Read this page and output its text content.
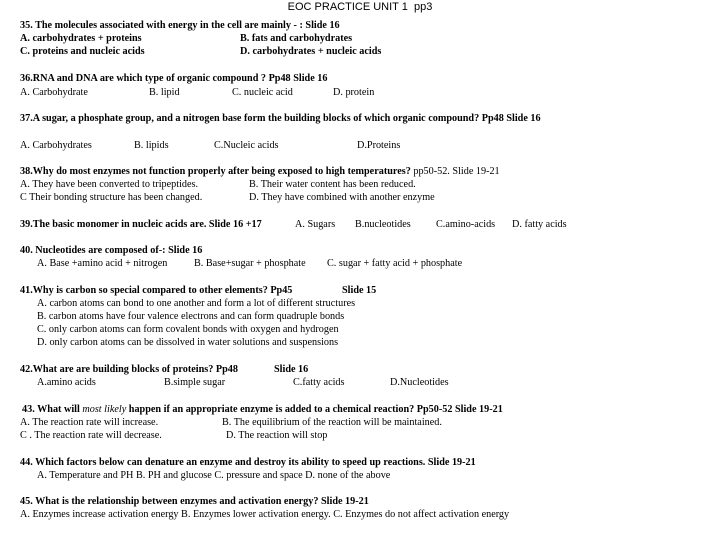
EOC PRACTICE UNIT 1 pp3
35. The molecules associated with energy in the cell are mainly - : Slide 16
A. carbohydrates + proteins	B. fats and carbohydrates
C. proteins and nucleic acids	D. carbohydrates + nucleic acids
36.RNA and DNA are which type of organic compound ? Pp48 Slide 16
A. Carbohydrate	B. lipid	C. nucleic acid	D. protein
37.A sugar, a phosphate group, and a nitrogen base form the building blocks of which organic compound? Pp48 Slide 16
A. Carbohydrates	B. lipids	C.Nucleic acids	D.Proteins
38.Why do most enzymes not function properly after being exposed to high temperatures? pp50-52. Slide 19-21
A. They have been converted to tripeptides.	B. Their water content has been reduced.
C Their bonding structure has been changed.	D. They have combined with another enzyme
39.The basic monomer in nucleic acids are. Slide 16 +17	A. Sugars B.nucleotides C.amino-acids D. fatty acids
40. Nucleotides are composed of-: Slide 16
A. Base +amino acid + nitrogen	B. Base+sugar + phosphate C. sugar + fatty acid + phosphate
41.Why is carbon so special compared to other elements? Pp45	Slide 15
A. carbon atoms can bond to one another and form a lot of different structures
B. carbon atoms have four valence electrons and can form quadruple bonds
C. only carbon atoms can form covalent bonds with oxygen and hydrogen
D. only carbon atoms can be dissolved in water solutions and suspensions
42.What are are building blocks of proteins? Pp48	Slide 16
A.amino acids	B.simple sugar	C.fatty acids	D.Nucleotides
43. What will most likely happen if an appropriate enzyme is added to a chemical reaction? Pp50-52 Slide 19-21
A. The reaction rate will increase.	B. The equilibrium of the reaction will be maintained.
C . The reaction rate will decrease.	D. The reaction will stop
44. Which factors below can denature an enzyme and destroy its ability to speed up reactions. Slide 19-21
A. Temperature and PH B. PH and glucose C. pressure and space D. none of the above
45. What is the relationship between enzymes and activation energy? Slide 19-21
A. Enzymes increase activation energy B. Enzymes lower activation energy. C. Enzymes do not affect activation energy
